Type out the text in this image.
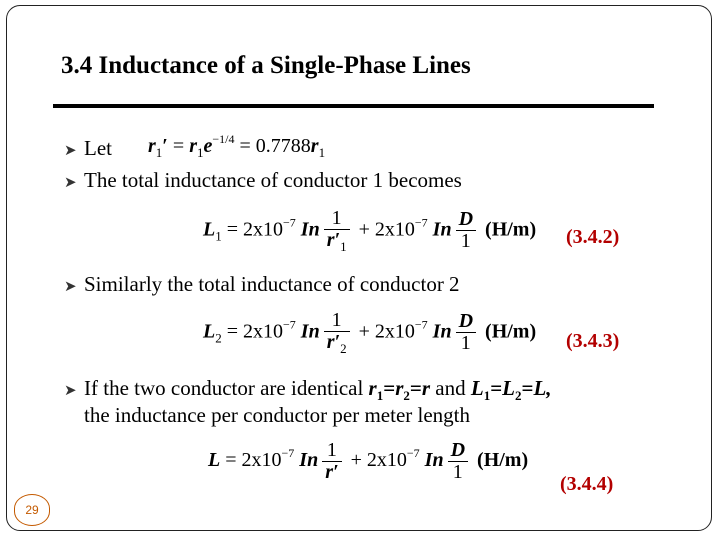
3.4 Inductance of a Single-Phase Lines
➤ Let $r_1' = r_1e^{-1/4} = 0.7788r_1$
➤ The total inductance of conductor 1 becomes
$L_1 = 2x10^{-7}$ In $\frac{1}{r'_1} + 2x10^{-7}$ In $\frac{D}{1} (H/m)$ (3.4.2)
➤ Similarly the total inductance of conductor 2
$L_2 = 2x10^{-7}$ In $\frac{1}{r'_2} + 2x10^{-7}$ In $\frac{D}{1} (H/m)$ (3.4.3)
➤ If the two conductor are identical $r_1=r_2=r$ and $L_1=L_2=L$,
the inductance per conductor per meter length
$L = 2x10^{-7}$ In $\frac{1}{r'} + 2x10^{-7}$ In $\frac{D}{1} (H/m)$
(3.4.4)
29
